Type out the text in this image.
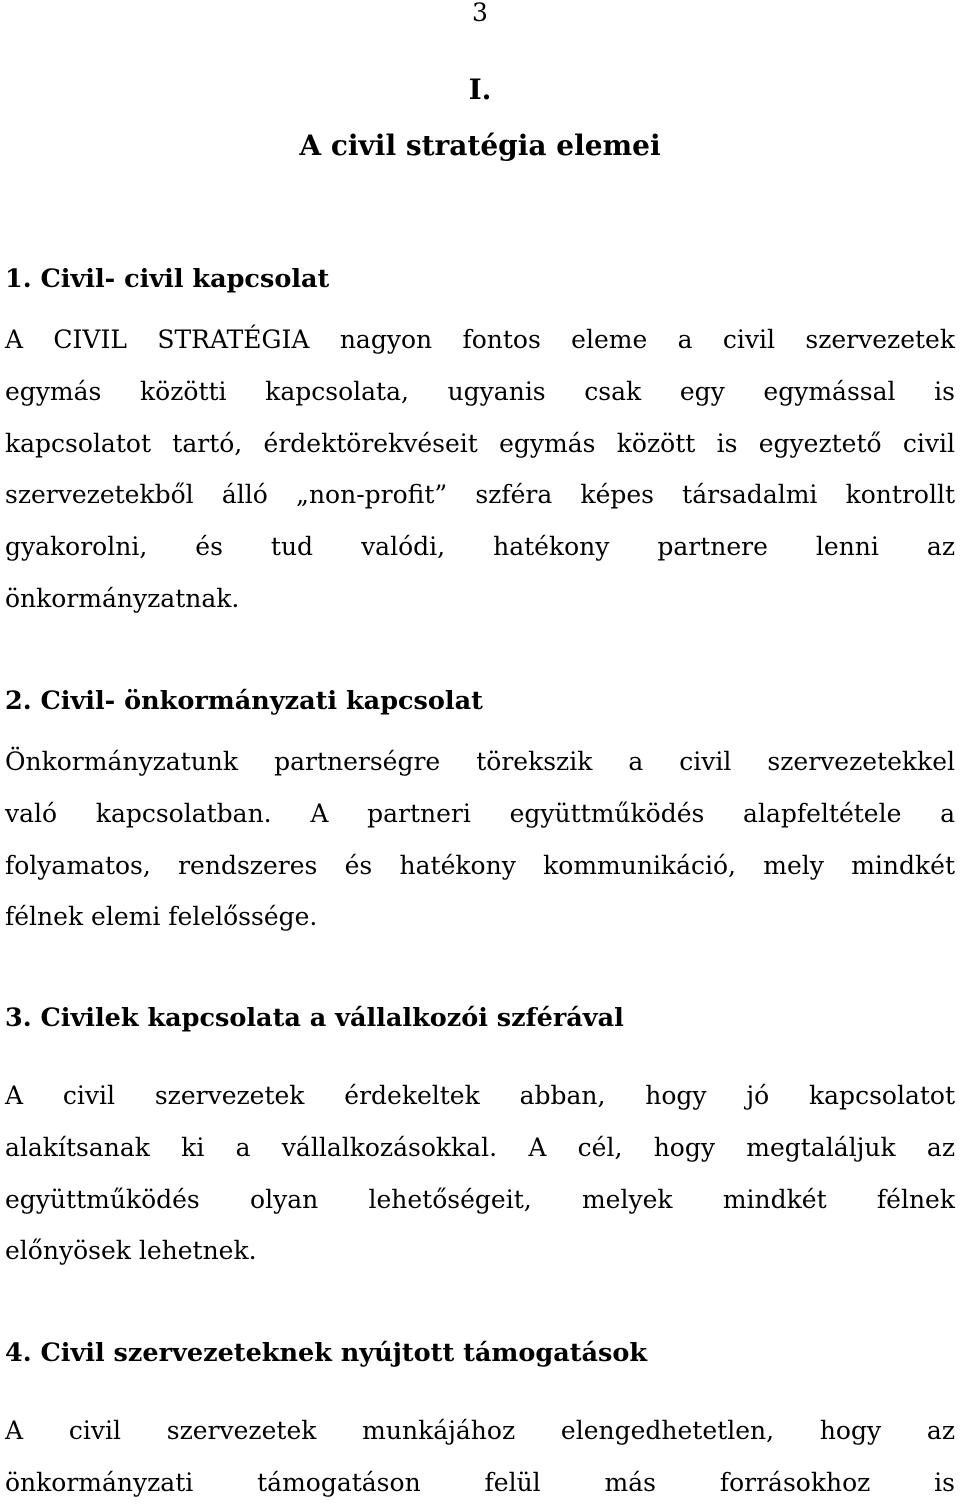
3
I.
A civil stratégia elemei
1. Civil- civil kapcsolat
A CIVIL STRATÉGIA nagyon fontos eleme a civil szervezetek
egymás közötti kapcsolata, ugyanis csak egy egymással is
kapcsolatot tartó, érdektörekvéseit egymás között is egyeztető civil
szervezetekből álló „non-profit” szféra képes társadalmi kontrollt
gyakorolni, és tud valódi, hatékony partnere lenni az
önkormányzatnak.
2. Civil- önkormányzati kapcsolat
Önkormányzatunk partnerségre törekszik a civil szervezetekkel
való kapcsolatban. A partneri együttműködés alapfeltétele a
folyamatos, rendszeres és hatékony kommunikáció, mely mindkét
félnek elemi felelőssége.
3. Civilek kapcsolata a vállalkozói szférával
A civil szervezetek érdekeltek abban, hogy jó kapcsolatot
alakítsanak ki a vállalkozásokkal. A cél, hogy megtaláljuk az
együttműködés olyan lehetőségeit, melyek mindkét félnek
előnyösek lehetnek.
4. Civil szervezeteknek nyújtott támogatások
A civil szervezetek munkájához elengedhetetlen, hogy az
önkormányzati támogatáson felül más forrásokhoz is
